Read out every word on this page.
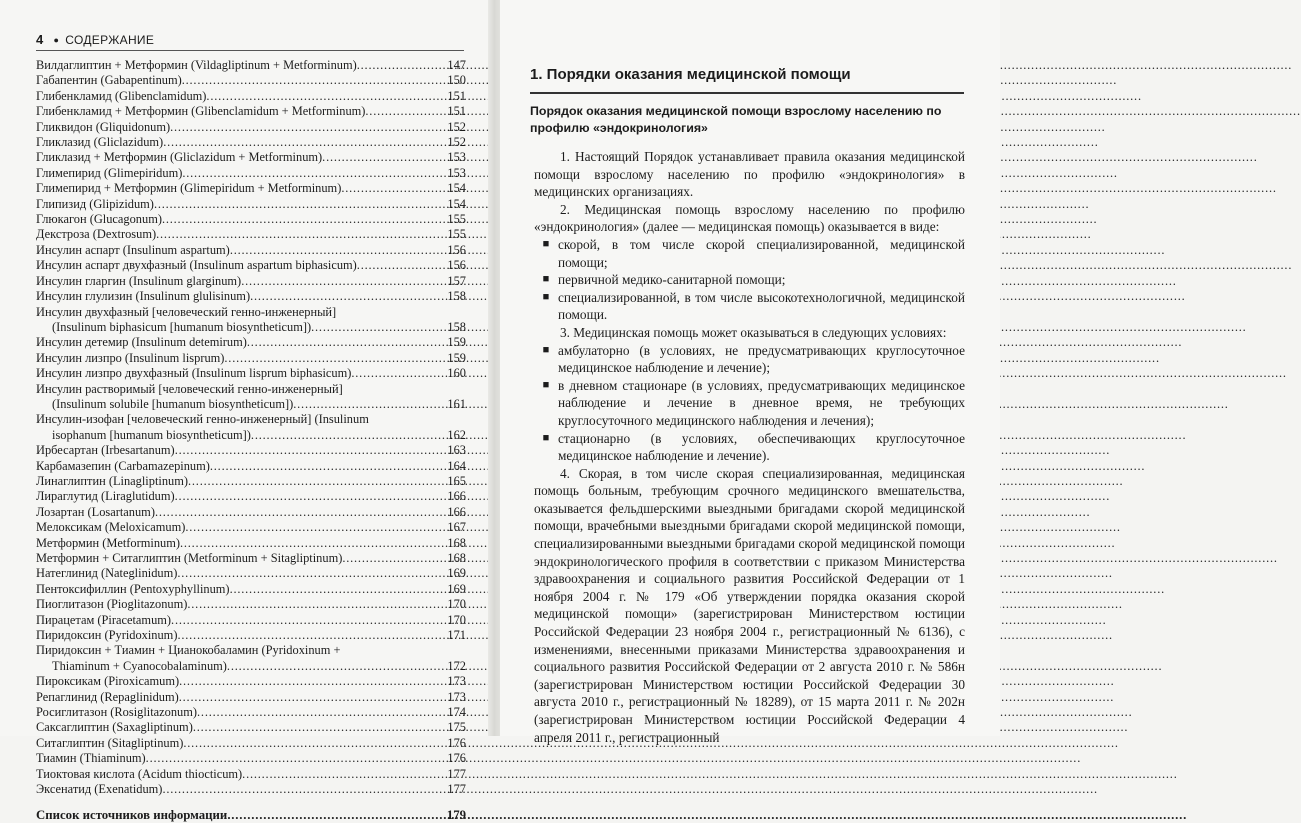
4 ● СОДЕРЖАНИЕ
Вилдаглиптин + Метформин (Vildagliptinum + Metforminum) .....	147
Габапентин (Gabapentinum) .....	150
Глибенкламид (Glibenclamidum) .....	151
Глибенкламид + Метформин (Glibenclamidum + Metforminum) .....	151
Гликвидон (Gliquidonum) .....	152
Гликлазид (Gliclazidum) .....	152
Гликлазид + Метформин (Gliclazidum + Metforminum) .....	153
Глимепирид (Glimepiridum) .....	153
Глимепирид + Метформин (Glimepiridum + Metforminum) .....	154
Глипизид (Glipizidum) .....	154
Глюкагон (Glucagonum) .....	155
Декстроза (Dextrosum) .....	155
Инсулин аспарт (Insulinum aspartum) .....	156
Инсулин аспарт двухфазный (Insulinum aspartum biphasicum) .....	156
Инсулин гларгин (Insulinum glarginum) .....	157
Инсулин глулизин (Insulinum glulisinum) .....	158
Инсулин двухфазный [человеческий генно-инженерный]
(Insulinum biphasicum [humanum biosyntheticum]) .....	158
Инсулин детемир (Insulinum detemirum) .....	159
Инсулин лизпро (Insulinum lisprum) .....	159
Инсулин лизпро двухфазный (Insulinum lisprum biphasicum) .....	160
Инсулин растворимый [человеческий генно-инженерный]
(Insulinum solubile [humanum biosyntheticum]) .....	161
Инсулин-изофан [человеческий генно-инженерный] (Insulinum
isophanum [humanum biosyntheticum]) .....	162
Ирбесартан (Irbesartanum) .....	163
Карбамазепин (Carbamazepinum) .....	164
Линаглиптин (Linagliptinum) .....	165
Лираглутид (Liraglutidum) .....	166
Лозартан (Losartanum) .....	166
Мелоксикам (Meloxicamum) .....	167
Метформин (Metforminum) .....	168
Метформин + Ситаглиптин (Metforminum + Sitagliptinum) .....	168
Натеглинид (Nateglinidum) .....	169
Пентоксифиллин (Pentoxyphyllinum) .....	169
Пиоглитазон (Pioglitazonum) .....	170
Пирацетам (Piracetamum) .....	170
Пиридоксин (Pyridoxinum) .....	171
Пиридоксин + Тиамин + Цианокобаламин (Pyridoxinum +
Thiaminum + Cyanocobalaminum) .....	172
Пироксикам (Piroxicamum) .....	173
Репаглинид (Repaglinidum) .....	173
Росиглитазон (Rosiglitazonum) .....	174
Саксаглиптин (Saxagliptinum) .....	175
Ситаглиптин (Sitagliptinum) .....	176
Тиамин (Thiaminum) .....	176
Тиоктовая кислота (Acidum thiocticum) .....	177
Эксенатид (Exenatidum) .....	177
Список источников информации .....	179
1. Порядки оказания медицинской помощи
Порядок оказания медицинской помощи взрослому населению по профилю «эндокринология»

1. Настоящий Порядок устанавливает правила оказания медицинской помощи взрослому населению по профилю «эндокринология» в медицинских организациях.

2. Медицинская помощь взрослому населению по профилю «эндокринология» (далее — медицинская помощь) оказывается в виде:

■ скорой, в том числе скорой специализированной, медицинской помощи;
■ первичной медико-санитарной помощи;
■ специализированной, в том числе высокотехнологичной, медицинской помощи.

3. Медицинская помощь может оказываться в следующих условиях:

■ амбулаторно (в условиях, не предусматривающих круглосуточное медицинское наблюдение и лечение);
■ в дневном стационаре (в условиях, предусматривающих медицинское наблюдение и лечение в дневное время, не требующих круглосуточного медицинского наблюдения и лечения);
■ стационарно (в условиях, обеспечивающих круглосуточное медицинское наблюдение и лечение).

4. Скорая, в том числе скорая специализированная, медицинская помощь больным, требующим срочного медицинского вмешательства, оказывается фельдшерскими выездными бригадами скорой медицинской помощи, врачебными выездными бригадами скорой медицинской помощи, специализированными выездными бригадами скорой медицинской помощи эндокринологического профиля в соответствии с приказом Министерства здравоохранения и социального развития Российской Федерации от 1 ноября 2004 г. № 179 «Об утверждении порядка оказания скорой медицинской помощи» (зарегистрирован Министерством юстиции Российской Федерации 23 ноября 2004 г., регистрационный № 6136), с изменениями, внесенными приказами Министерства здравоохранения и социального развития Российской Федерации от 2 августа 2010 г. № 586н (зарегистрирован Министерством юстиции Российской Федерации 30 августа 2010 г., регистрационный № 18289), от 15 марта 2011 г. № 202н (зарегистрирован Министерством юстиции Российской Федерации 4 апреля 2011 г., регистрационный
